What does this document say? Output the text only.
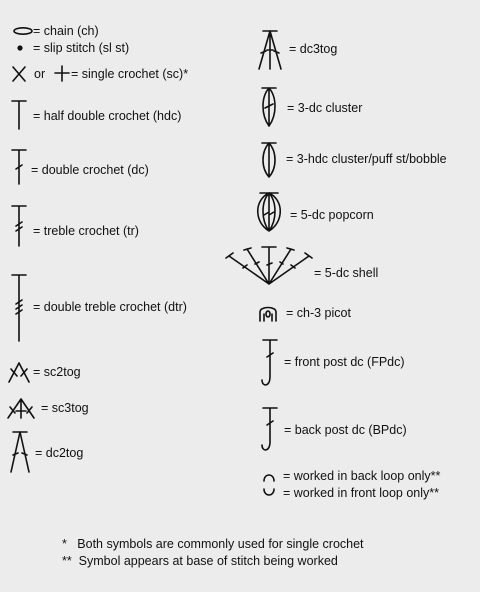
= chain (ch)
= slip stitch (sl st)
or = single crochet (sc)*
= half double crochet (hdc)
= double crochet (dc)
= treble crochet (tr)
= double treble crochet (dtr)
= sc2tog
= sc3tog
= dc2tog
= dc3tog
= 3-dc cluster
= 3-hdc cluster/puff st/bobble
= 5-dc popcorn
= 5-dc shell
= ch-3 picot
= front post dc (FPdc)
= back post dc (BPdc)
= worked in back loop only**
= worked in front loop only**
*   Both symbols are commonly used for single crochet
**  Symbol appears at base of stitch being worked
